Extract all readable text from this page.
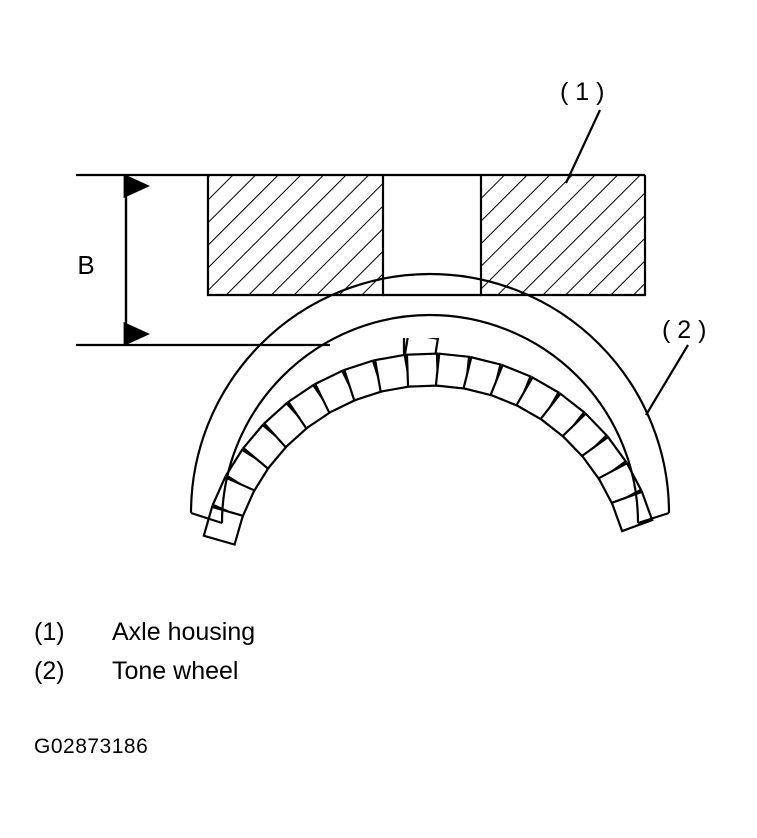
B
( 1 )
( 2 )
(1)	Axle housing
(2)	Tone wheel
G02873186
